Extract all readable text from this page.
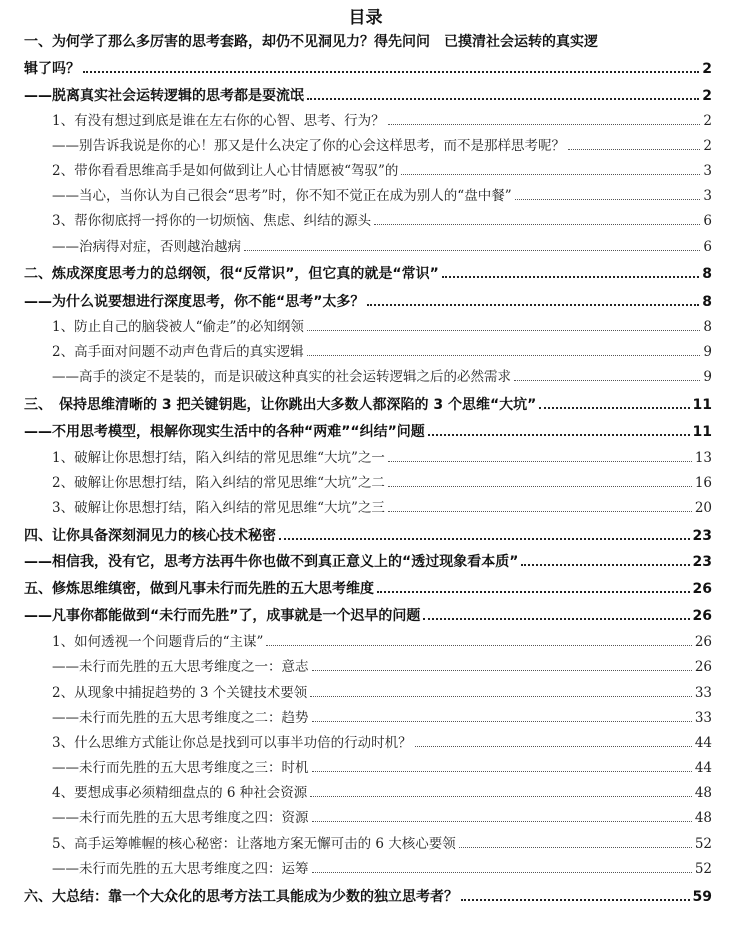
目录
一、为何学了那么多厉害的思考套路，却仍不见洞见力？得先问问　已摸清社会运转的真实逻
辑了吗？	2
——脱离真实社会运转逻辑的思考都是耍流氓	2
1、有没有想过到底是谁在左右你的心智、思考、行为？	2
——别告诉我说是你的心！那又是什么决定了你的心会这样思考，而不是那样思考呢？	2
2、带你看看思维高手是如何做到让人心甘情愿被“驾驭”的	3
——当心，当你认为自己很会“思考”时，你不知不觉正在成为别人的“盘中餐”	3
3、帮你彻底捋一捋你的一切烦恼、焦虑、纠结的源头	6
——治病得对症，否则越治越病	6
二、炼成深度思考力的总纲领，很“反常识”，但它真的就是“常识”	8
——为什么说要想进行深度思考，你不能“思考”太多？	8
1、防止自己的脑袋被人“偷走”的必知纲领	8
2、高手面对问题不动声色背后的真实逻辑	9
——高手的淡定不是装的，而是识破这种真实的社会运转逻辑之后的必然需求	9
三、　保持思维清晰的 3 把关键钥匙，让你跳出大多数人都深陷的 3 个思维“大坑”	11
——不用思考模型，根解你现实生活中的各种“两难”“纠结”问题	11
1、破解让你思想打结，陷入纠结的常见思维“大坑”之一	13
2、破解让你思想打结，陷入纠结的常见思维“大坑”之二	16
3、破解让你思想打结，陷入纠结的常见思维“大坑”之三	20
四、让你具备深刻洞见力的核心技术秘密	23
——相信我，没有它，思考方法再牛你也做不到真正意义上的“透过现象看本质”	23
五、修炼思维缜密，做到凡事未行而先胜的五大思考维度	26
——凡事你都能做到“未行而先胜”了，成事就是一个迟早的问题	26
1、如何透视一个问题背后的“主谋”	26
——未行而先胜的五大思考维度之一：意志	26
2、从现象中捕捉趋势的 3 个关键技术要领	33
——未行而先胜的五大思考维度之二：趋势	33
3、什么思维方式能让你总是找到可以事半功倍的行动时机？	44
——未行而先胜的五大思考维度之三：时机	44
4、要想成事必须精细盘点的 6 种社会资源	48
——未行而先胜的五大思考维度之四：资源	48
5、高手运筹帷幄的核心秘密：让落地方案无懈可击的 6 大核心要领	52
——未行而先胜的五大思考维度之四：运筹	52
六、大总结：靠一个大众化的思考方法工具能成为少数的独立思考者？	59
